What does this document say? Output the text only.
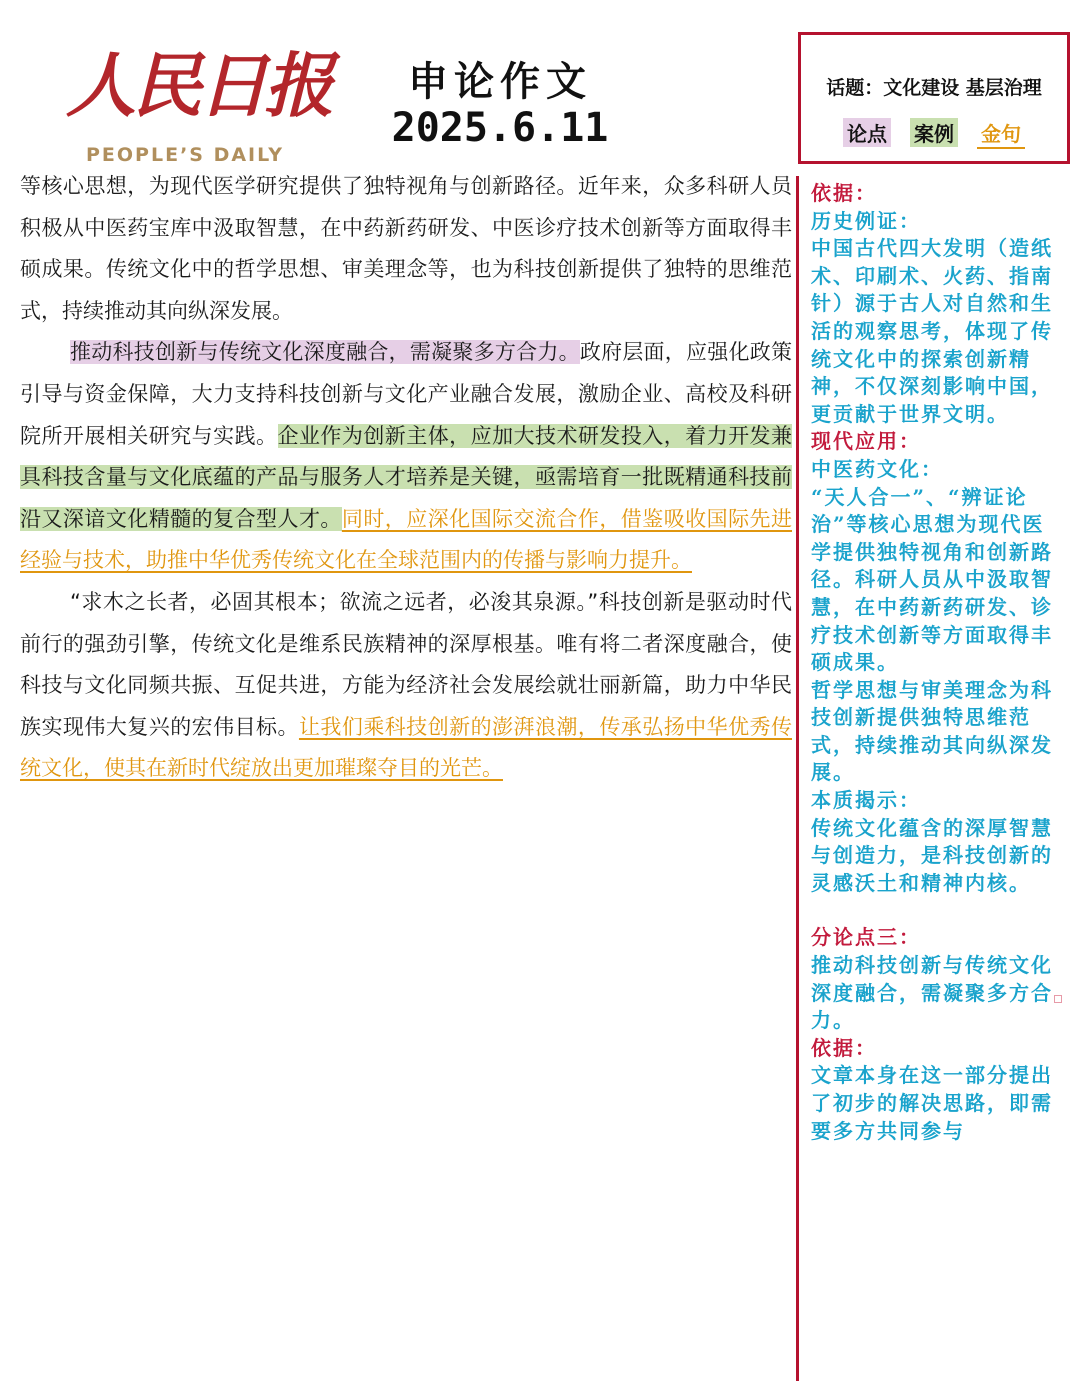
人民日报
PEOPLE’S DAILY
申论作文
2025.6.11
话题：文化建设 基层治理
论点 案例 金句

等核心思想，为现代医学研究提供了独特视角与创新路径。近年来，众多科研人员积极从中医药宝库中汲取智慧，在中药新药研发、中医诊疗技术创新等方面取得丰硕成果。传统文化中的哲学思想、审美理念等，也为科技创新提供了独特的思维范式，持续推动其向纵深发展。

推动科技创新与传统文化深度融合，需凝聚多方合力。政府层面，应强化政策引导与资金保障，大力支持科技创新与文化产业融合发展，激励企业、高校及科研院所开展相关研究与实践。企业作为创新主体，应加大技术研发投入，着力开发兼具科技含量与文化底蕴的产品与服务人才培养是关键，亟需培育一批既精通科技前沿又深谙文化精髓的复合型人才。同时，应深化国际交流合作，借鉴吸收国际先进经验与技术，助推中华优秀传统文化在全球范围内的传播与影响力提升。

“求木之长者，必固其根本；欲流之远者，必浚其泉源。”科技创新是驱动时代前行的强劲引擎，传统文化是维系民族精神的深厚根基。唯有将二者深度融合，使科技与文化同频共振、互促共进，方能为经济社会发展绘就壮丽新篇，助力中华民族实现伟大复兴的宏伟目标。让我们乘科技创新的澎湃浪潮，传承弘扬中华优秀传统文化，使其在新时代绽放出更加璀璨夺目的光芒。

依据：
历史例证：
中国古代四大发明（造纸术、印刷术、火药、指南针）源于古人对自然和生活的观察思考，体现了传统文化中的探索创新精神，不仅深刻影响中国，更贡献于世界文明。
现代应用：
中医药文化：
“天人合一”、“辨证论治”等核心思想为现代医学提供独特视角和创新路径。科研人员从中汲取智慧，在中药新药研发、诊疗技术创新等方面取得丰硕成果。
哲学思想与审美理念为科技创新提供独特思维范式，持续推动其向纵深发展。
本质揭示：
传统文化蕴含的深厚智慧与创造力，是科技创新的灵感沃土和精神内核。
分论点三：
推动科技创新与传统文化深度融合，需凝聚多方合力。
依据：
文章本身在这一部分提出了初步的解决思路，即需要多方共同参与
